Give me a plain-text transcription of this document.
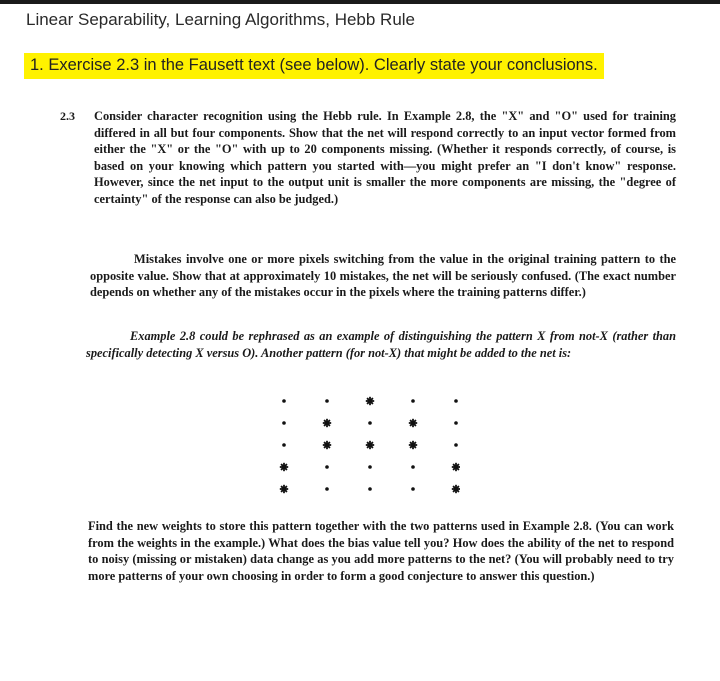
Linear Separability, Learning Algorithms, Hebb Rule
1. Exercise 2.3 in the Fausett text (see below). Clearly state your conclusions.
2.3 Consider character recognition using the Hebb rule. In Example 2.8, the "X" and "O" used for training differed in all but four components. Show that the net will respond correctly to an input vector formed from either the "X" or the "O" with up to 20 components missing. (Whether it responds correctly, of course, is based on your knowing which pattern you started with—you might prefer an "I don't know" response. However, since the net input to the output unit is smaller the more components are missing, the "degree of certainty" of the response can also be judged.)

Mistakes involve one or more pixels switching from the value in the original training pattern to the opposite value. Show that at approximately 10 mistakes, the net will be seriously confused. (The exact number depends on whether any of the mistakes occur in the pixels where the training patterns differ.)

Example 2.8 could be rephrased as an example of distinguishing the pattern X from not-X (rather than specifically detecting X versus O). Another pattern (for not-X) that might be added to the net is:

Find the new weights to store this pattern together with the two patterns used in Example 2.8. (You can work from the weights in the example.) What does the bias value tell you? How does the ability of the net to respond to noisy (missing or mistaken) data change as you add more patterns to the net? (You will probably need to try more patterns of your own choosing in order to form a good conjecture to answer this question.)
